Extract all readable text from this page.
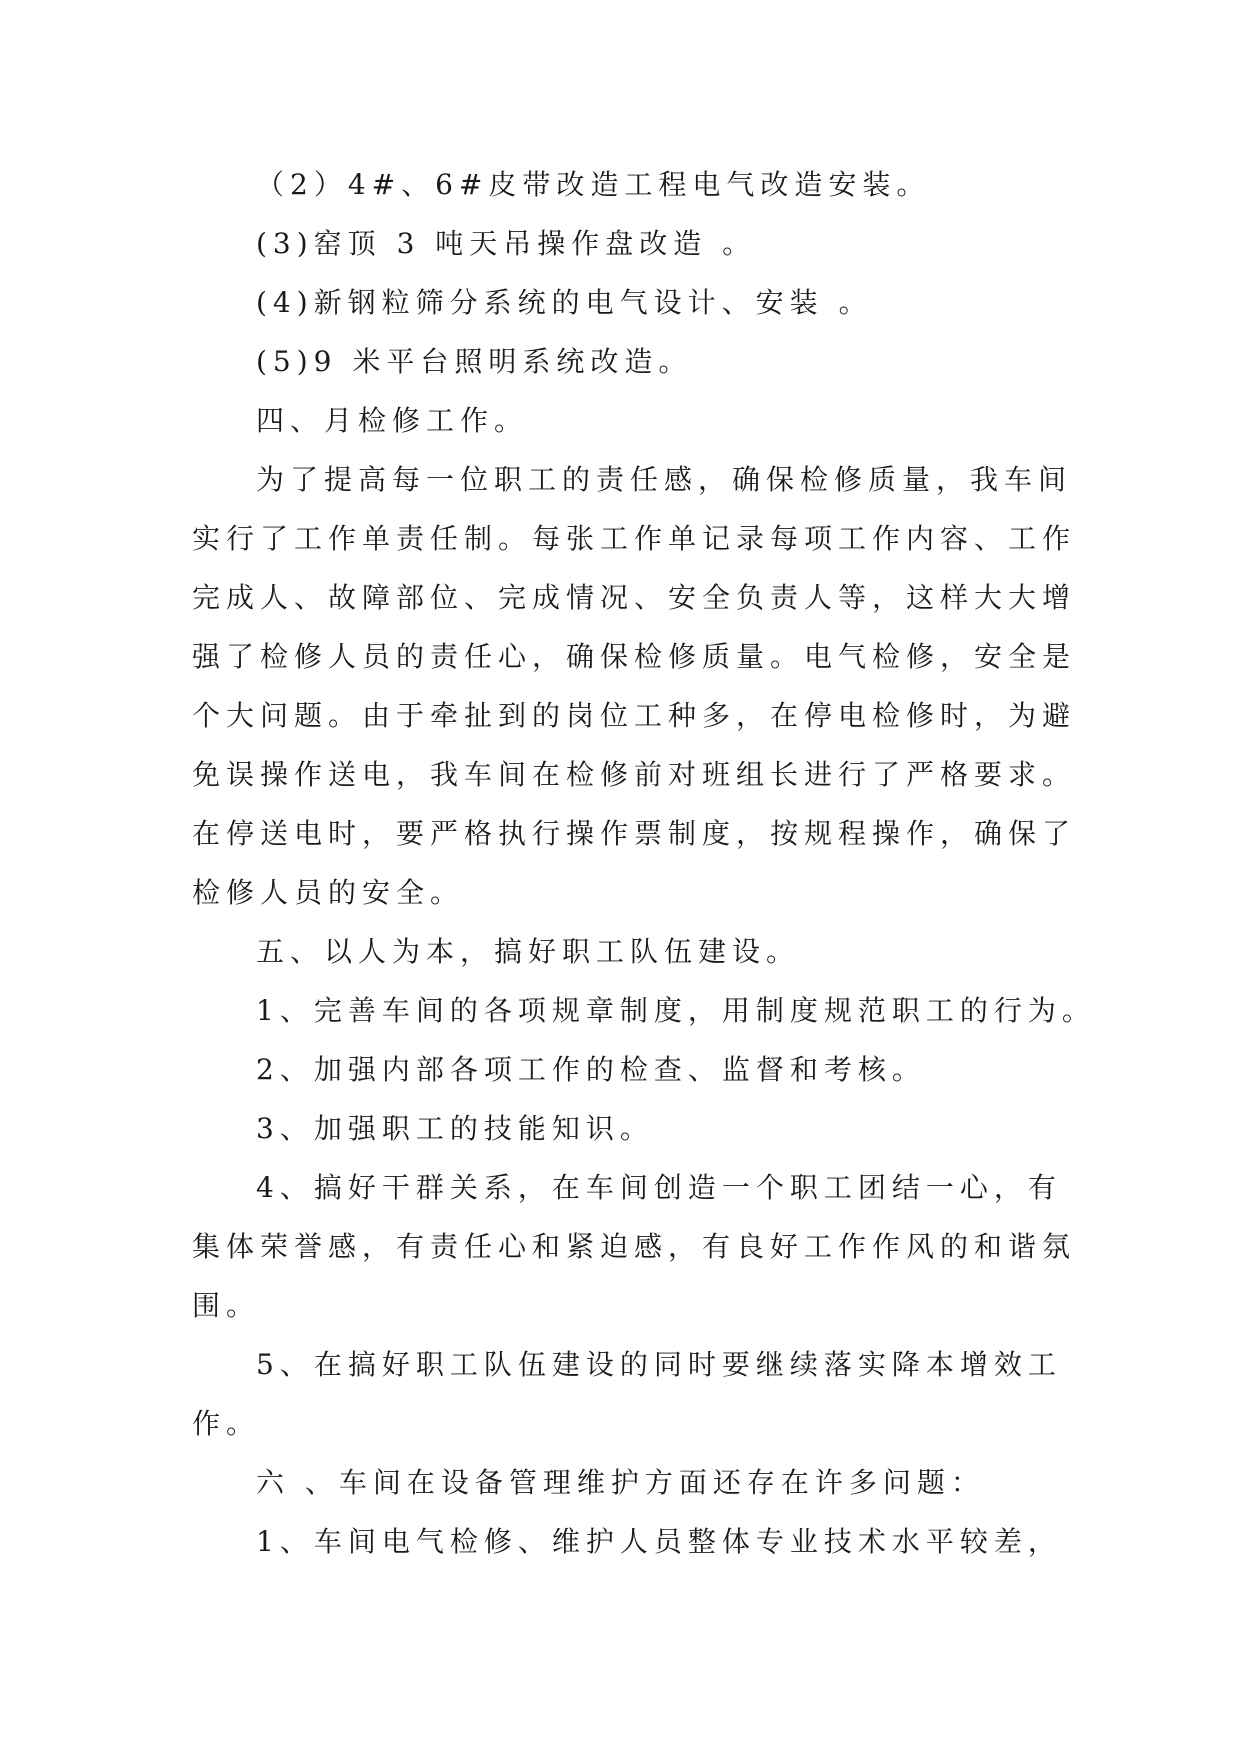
（2）4#、6#皮带改造工程电气改造安装。
(3)窑顶 3 吨天吊操作盘改造 。
(4)新钢粒筛分系统的电气设计、安装 。
(5)9 米平台照明系统改造。
四、月检修工作。
为了提高每一位职工的责任感，确保检修质量，我车间
实行了工作单责任制。每张工作单记录每项工作内容、工作
完成人、故障部位、完成情况、安全负责人等，这样大大增
强了检修人员的责任心，确保检修质量。电气检修，安全是
个大问题。由于牵扯到的岗位工种多，在停电检修时，为避
免误操作送电，我车间在检修前对班组长进行了严格要求。
在停送电时，要严格执行操作票制度，按规程操作，确保了
检修人员的安全。
五、以人为本，搞好职工队伍建设。
1、完善车间的各项规章制度，用制度规范职工的行为。
2、加强内部各项工作的检查、监督和考核。
3、加强职工的技能知识。
4、搞好干群关系，在车间创造一个职工团结一心，有
集体荣誉感，有责任心和紧迫感，有良好工作作风的和谐氛
围。
5、在搞好职工队伍建设的同时要继续落实降本增效工
作。
六 、车间在设备管理维护方面还存在许多问题：
1、车间电气检修、维护人员整体专业技术水平较差，
